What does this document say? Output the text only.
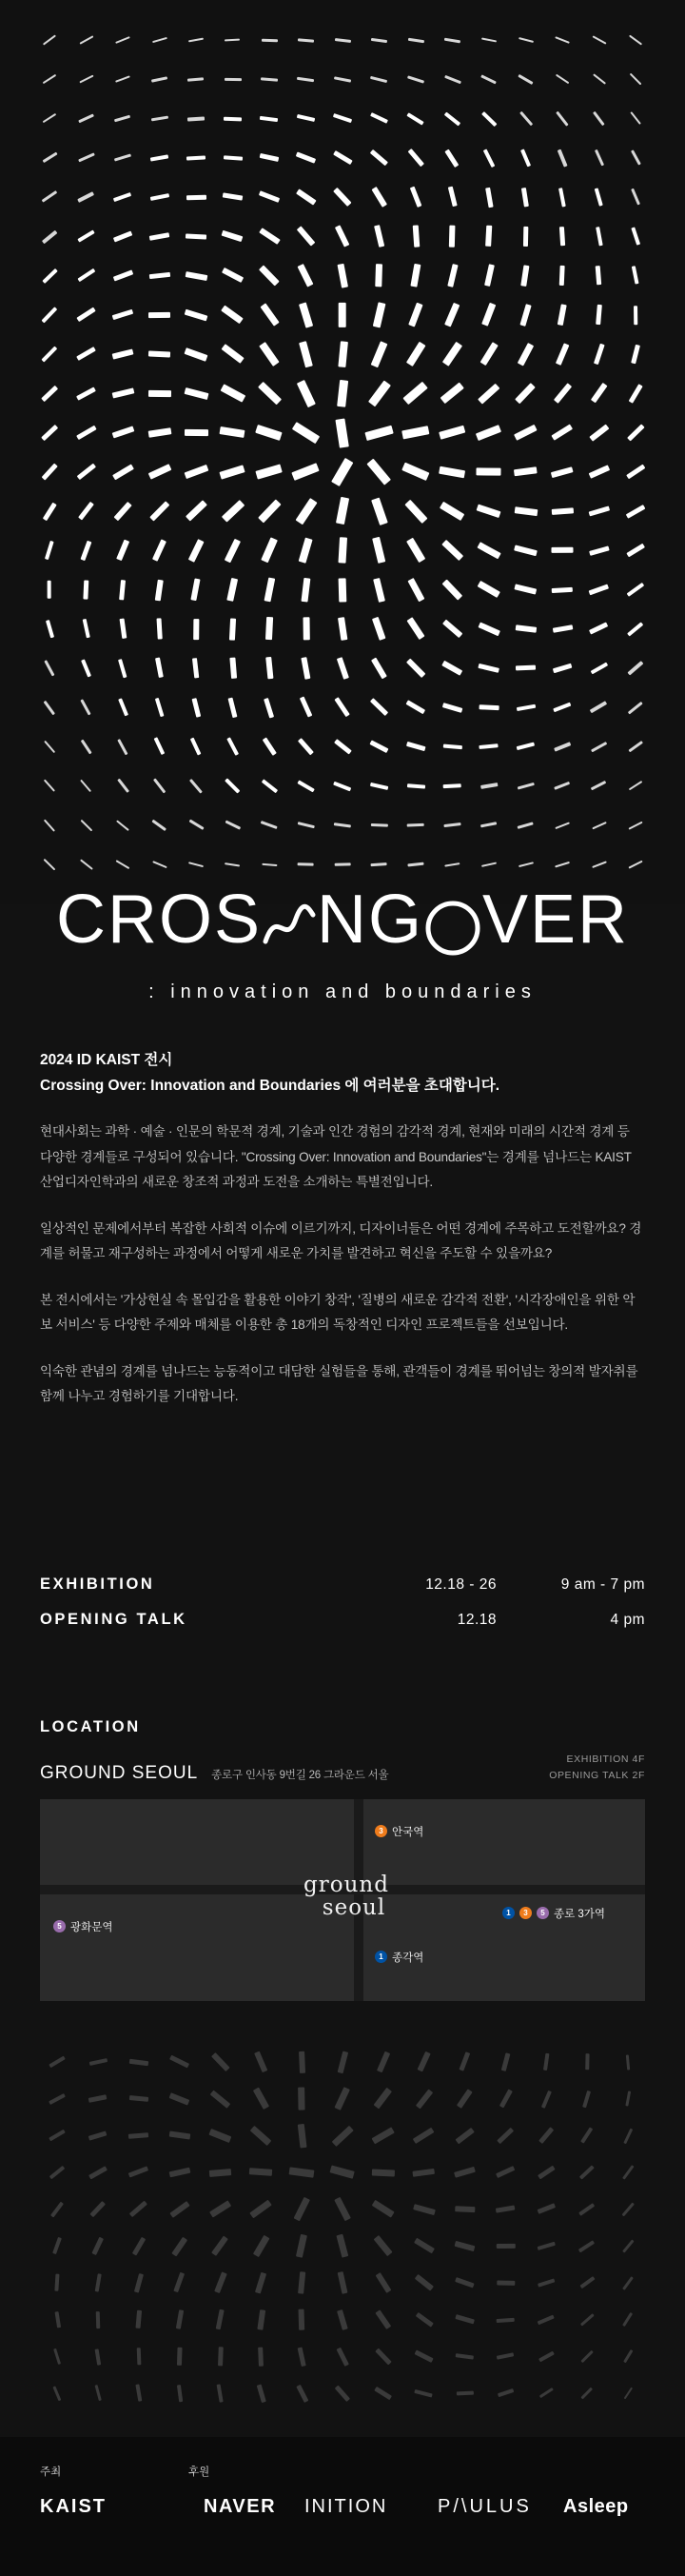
CROS NG VER
: innovation and boundaries
2024 ID KAIST 전시
Crossing Over: Innovation and Boundaries 에 여러분을 초대합니다.

현대사회는 과학 · 예술 · 인문의 학문적 경계, 기술과 인간 경험의 감각적 경계, 현재와 미래의 시간적 경계 등 다양한 경계들로 구성되어 있습니다. "Crossing Over: Innovation and Boundaries"는 경계를 넘나드는 KAIST 산업디자인학과의 새로운 창조적 과정과 도전을 소개하는 특별전입니다.

일상적인 문제에서부터 복잡한 사회적 이슈에 이르기까지, 디자이너들은 어떤 경계에 주목하고 도전할까요? 경계를 허물고 재구성하는 과정에서 어떻게 새로운 가치를 발견하고 혁신을 주도할 수 있을까요?

본 전시에서는 '가상현실 속 몰입감을 활용한 이야기 창작', '질병의 새로운 감각적 전환', '시각장애인을 위한 악보 서비스' 등 다양한 주제와 매체를 이용한 총 18개의 독창적인 디자인 프로젝트들을 선보입니다.

익숙한 관념의 경계를 넘나드는 능동적이고 대담한 실험들을 통해, 관객들이 경계를 뛰어넘는 창의적 발자취를 함께 나누고 경험하기를 기대합니다.

EXHIBITION	12.18 - 26	9 am - 7 pm
OPENING TALK	12.18	4 pm
LOCATION
GROUND SEOUL 종로구 인사동 9번길 26 그라운드 서울
EXHIBITION 4F
OPENING TALK 2F
3 안국역
5 광화문역
1	3	5 종로 3가역
1 종각역
ground
seoul
주최	후원
KAIST	NAVER INITION	P/\ULUS Asleep
